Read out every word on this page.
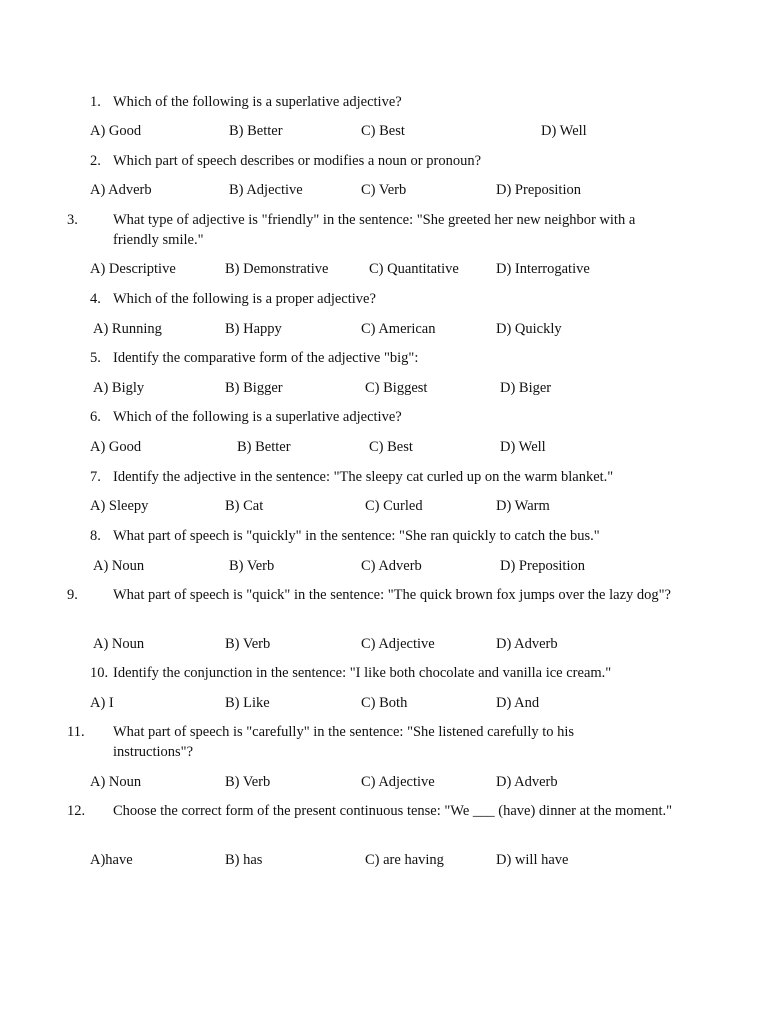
1. Which of the following is a superlative adjective?
A) Good	B) Better	C) Best	D) Well
2. Which part of speech describes or modifies a noun or pronoun?
A) Adverb	B) Adjective	C) Verb	D) Preposition
3. What type of adjective is "friendly" in the sentence: "She greeted her new neighbor with a friendly smile."
A) Descriptive	B) Demonstrative	C) Quantitative	D) Interrogative
4. Which of the following is a proper adjective?
A) Running	B) Happy	C) American	D) Quickly
5. Identify the comparative form of the adjective "big":
A) Bigly	B) Bigger	C) Biggest	D) Biger
6. Which of the following is a superlative adjective?
A) Good	B) Better	C) Best	D) Well
7. Identify the adjective in the sentence: "The sleepy cat curled up on the warm blanket."
A) Sleepy	B) Cat	C) Curled	D) Warm
8. What part of speech is "quickly" in the sentence: "She ran quickly to catch the bus."
A) Noun	B) Verb	C) Adverb	D) Preposition
9. What part of speech is "quick" in the sentence: "The quick brown fox jumps over the lazy dog"?
A) Noun	B) Verb	C) Adjective	D) Adverb
10. Identify the conjunction in the sentence: "I like both chocolate and vanilla ice cream."
A) I	B) Like	C) Both	D) And
11. What part of speech is "carefully" in the sentence: "She listened carefully to his instructions"?
A) Noun	B) Verb	C) Adjective	D) Adverb
12. Choose the correct form of the present continuous tense: "We ___ (have) dinner at the moment."
A)have	B) has	C) are having	D) will have
